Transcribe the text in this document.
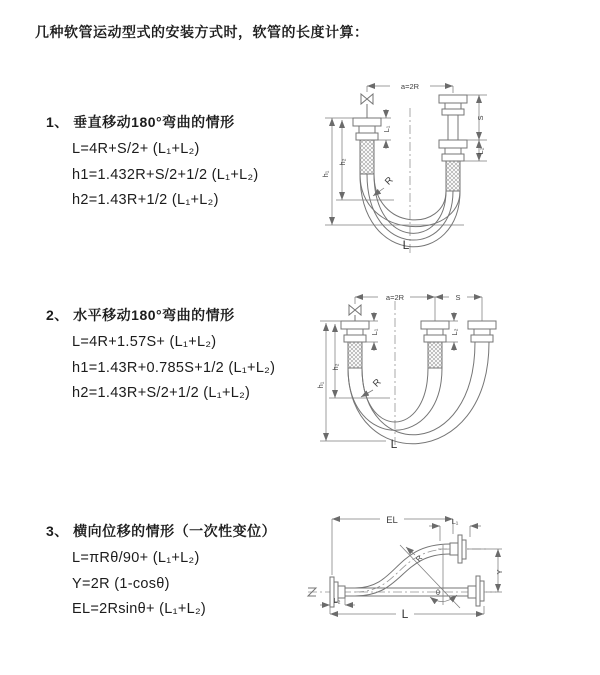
几种软管运动型式的安装方式时，软管的长度计算：
1、 垂直移动180°弯曲的情形
L=4R+S/2+ (L₁+L₂)
h1=1.432R+S/2+1/2 (L₁+L₂)
h2=1.43R+1/2 (L₁+L₂)
2、 水平移动180°弯曲的情形
L=4R+1.57S+ (L₁+L₂)
h1=1.43R+0.785S+1/2 (L₁+L₂)
h2=1.43R+S/2+1/2 (L₁+L₂)
3、 横向位移的情形（一次性变位）
L=πRθ/90+ (L₁+L₂)
Y=2R (1-cosθ)
EL=2Rsinθ+ (L₁+L₂)
a=2R
L₁
h₁
h₂
S
L₂
R
L
a=2R	S
L₁	L₂
h₁
h₂
R
L
EL	L₁
θ
R
Y
L₂
L
